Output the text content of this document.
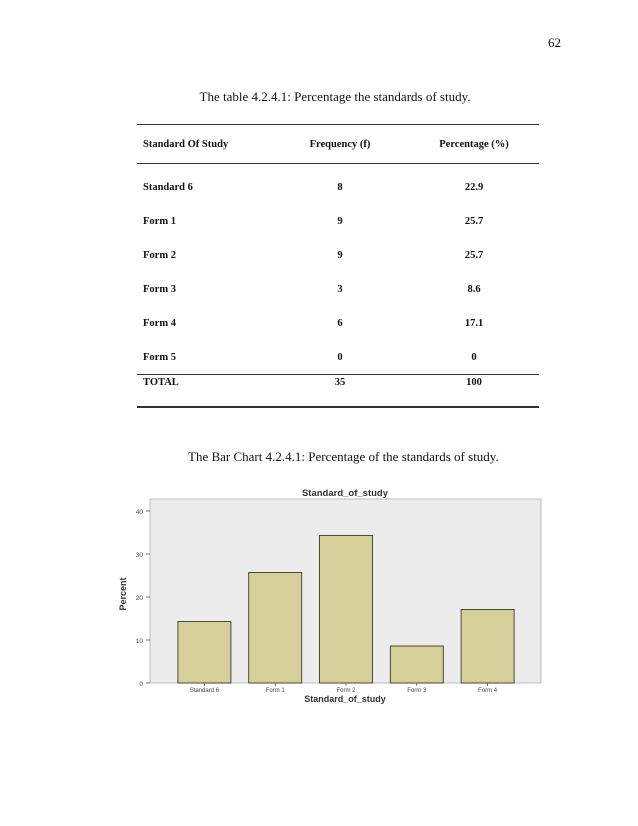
62
The table 4.2.4.1: Percentage the standards of study.
Standard Of Study	Frequency (f)	Percentage (%)
Standard 6	8	22.9
Form 1	9	25.7
Form 2	9	25.7
Form 3	3	8.6
Form 4	6	17.1
Form 5	0	0
TOTAL	35	100
The Bar Chart 4.2.4.1: Percentage of the standards of study.
Standard_of_study
Standard_of_study
Percent
0
10
20
30
40
Standard 6	Form 1	Form 2	Form 3	Form 4
